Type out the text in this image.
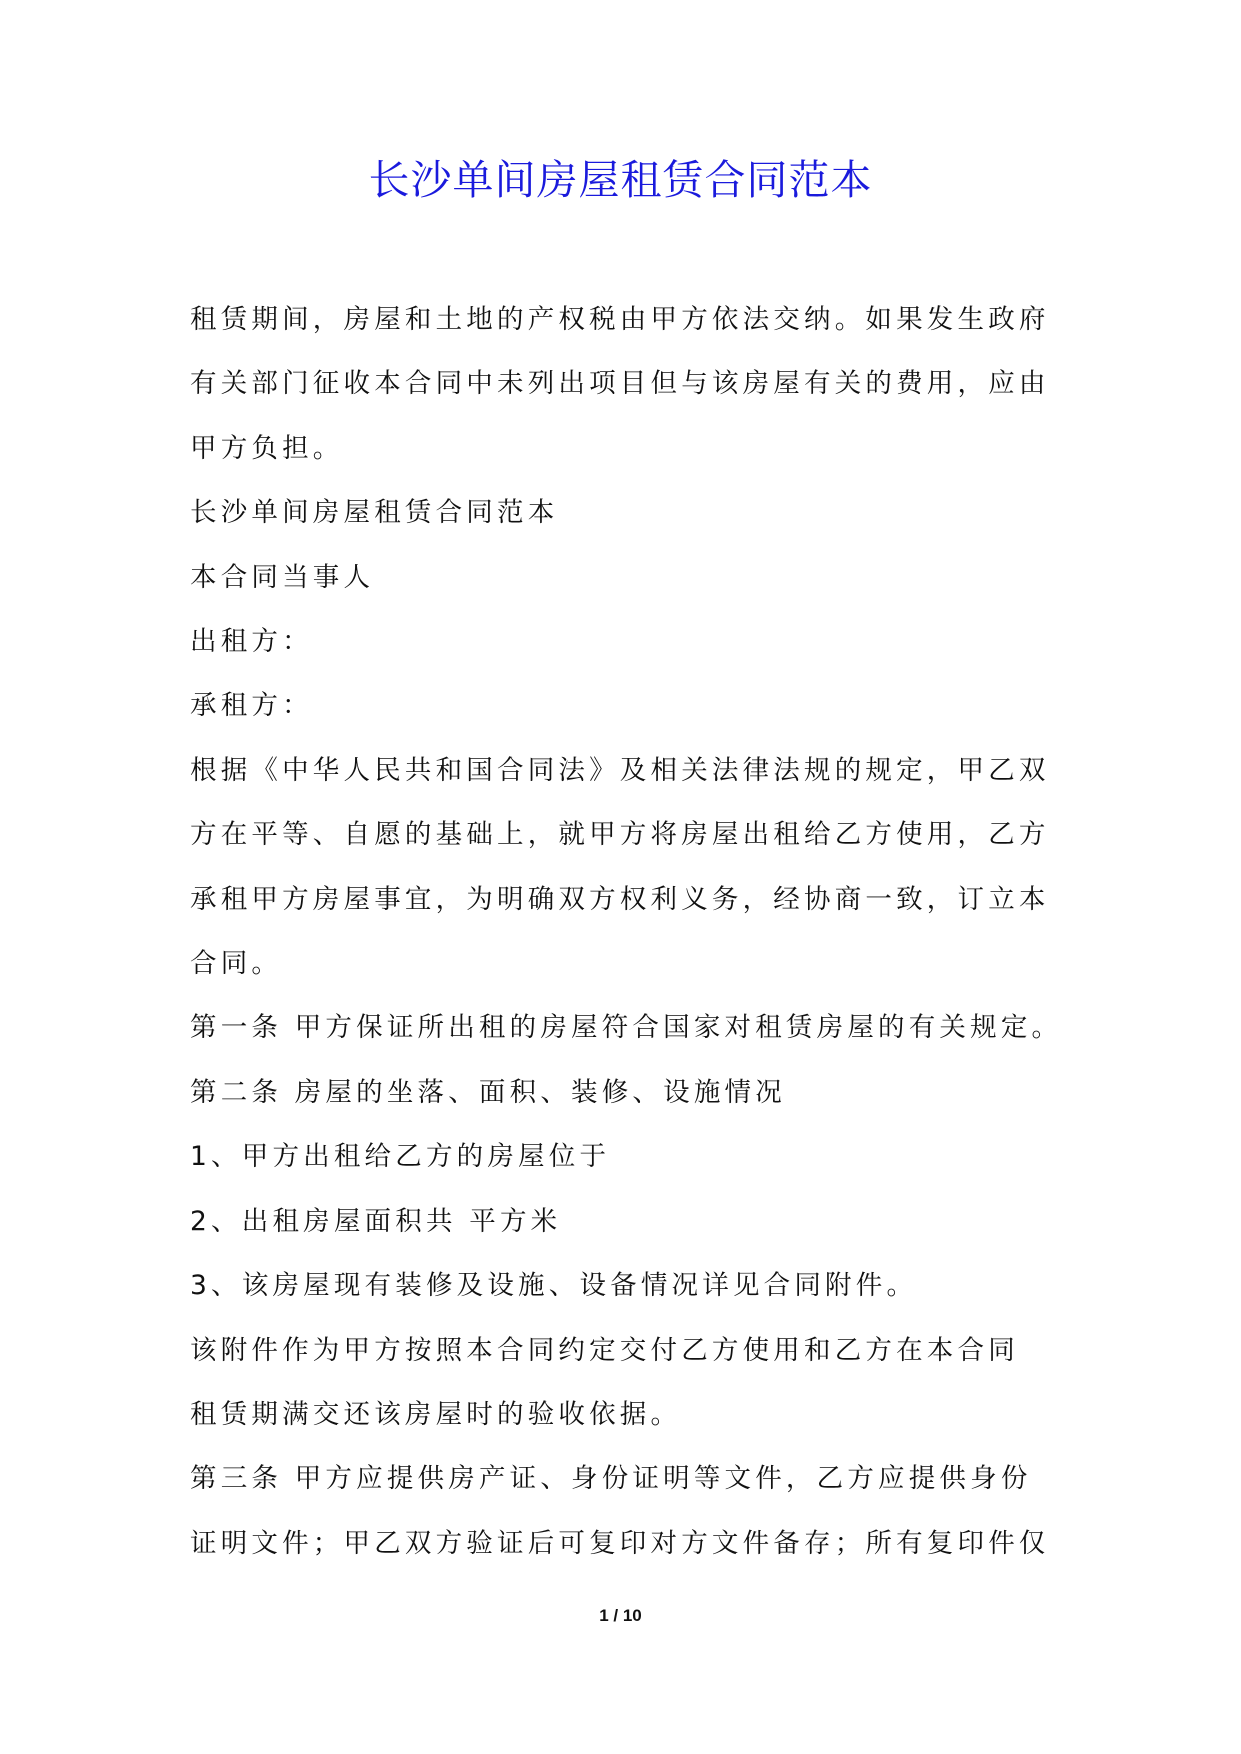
长沙单间房屋租赁合同范本

租赁期间，房屋和土地的产权税由甲方依法交纳。如果发生政府

有关部门征收本合同中未列出项目但与该房屋有关的费用，应由

甲方负担。

长沙单间房屋租赁合同范本

本合同当事人

出租方：

承租方：

根据《中华人民共和国合同法》及相关法律法规的规定，甲乙双

方在平等、自愿的基础上，就甲方将房屋出租给乙方使用，乙方

承租甲方房屋事宜，为明确双方权利义务，经协商一致，订立本

合同。

第一条 甲方保证所出租的房屋符合国家对租赁房屋的有关规定。

第二条 房屋的坐落、面积、装修、设施情况

1、甲方出租给乙方的房屋位于

2、出租房屋面积共 平方米

3、该房屋现有装修及设施、设备情况详见合同附件。

该附件作为甲方按照本合同约定交付乙方使用和乙方在本合同

租赁期满交还该房屋时的验收依据。

第三条 甲方应提供房产证、身份证明等文件，乙方应提供身份

证明文件；甲乙双方验证后可复印对方文件备存；所有复印件仅

1 / 10
